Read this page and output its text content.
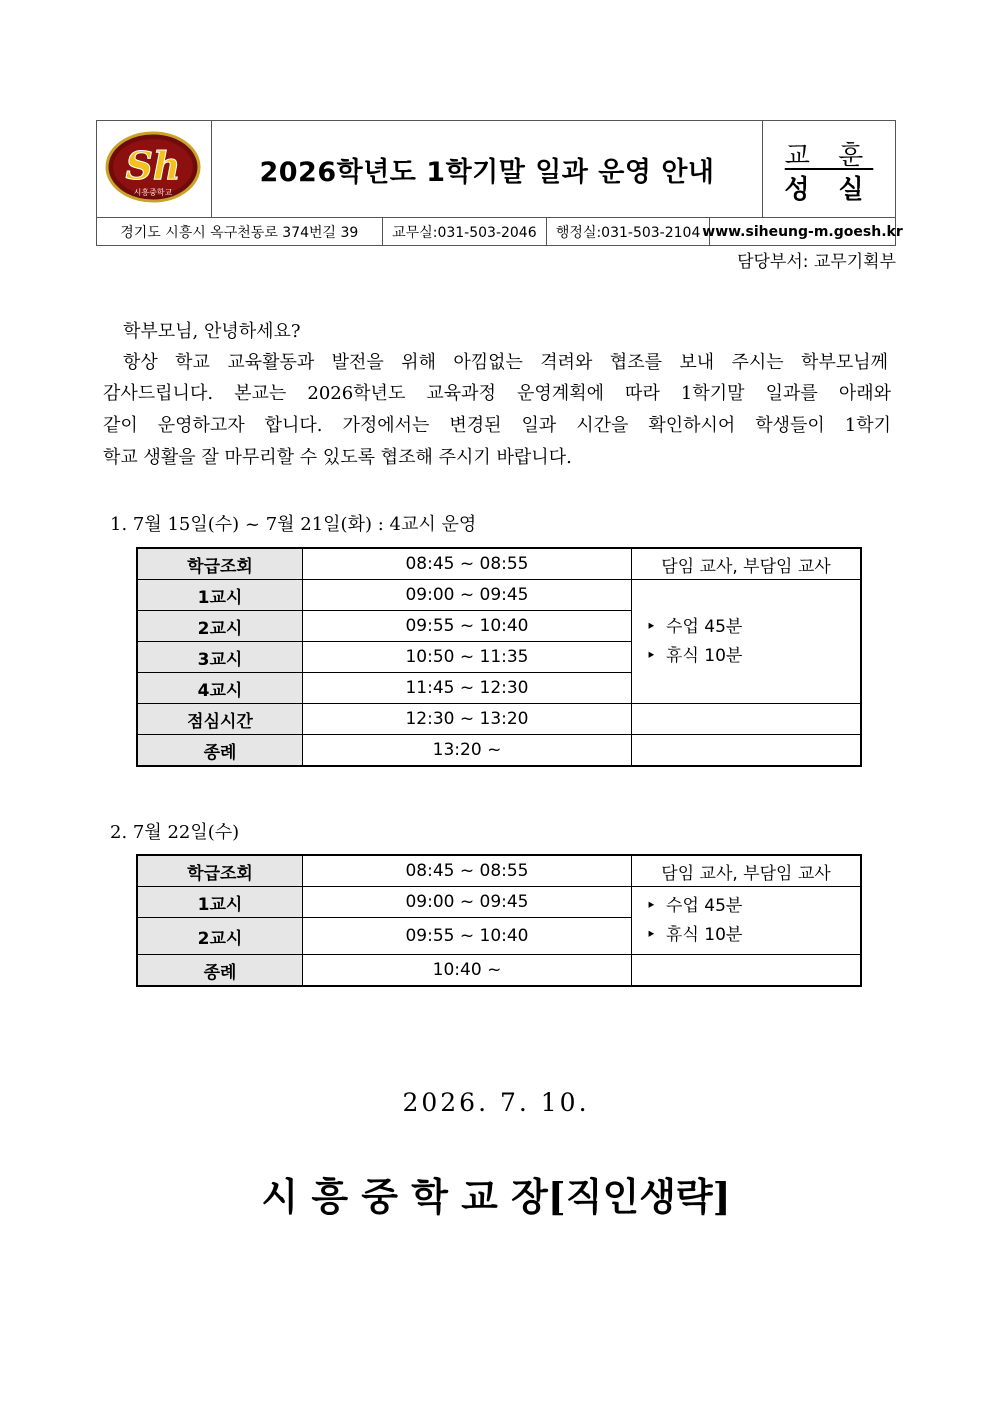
Sh
시흥중학교
2026학년도 1학기말 일과 운영 안내
교 훈
성 실
경기도 시흥시 옥구천동로 374번길 39	교무실:031-503-2046	행정실:031-503-2104 www.siheung-m.goesh.kr
담당부서: 교무기획부
학부모님, 안녕하세요?
항상 학교 교육활동과 발전을 위해 아낌없는 격려와 협조를 보내 주시는 학부모님께
감사드립니다. 본교는 2026학년도 교육과정 운영계획에 따라 1학기말 일과를 아래와
같이 운영하고자 합니다. 가정에서는 변경된 일과 시간을 확인하시어 학생들이 1학기
학교 생활을 잘 마무리할 수 있도록 협조해 주시기 바랍니다.
1. 7월 15일(수) ~ 7월 21일(화) : 4교시 운영
학급조회	08:45 ~ 08:55	담임 교사, 부담임 교사
1교시	09:00 ~ 09:45	‣ 수업 45분
‣ 휴식 10분

2교시	09:55 ~ 10:40	
3교시	10:50 ~ 11:35	
4교시	11:45 ~ 12:30	
점심시간	12:30 ~ 13:20	
종례	13:20 ~	
2. 7월 22일(수)
학급조회	08:45 ~ 08:55	담임 교사, 부담임 교사
1교시	09:00 ~ 09:45	‣ 수업 45분
‣ 휴식 10분

2교시	09:55 ~ 10:40	
종례	10:40 ~	
2026. 7. 10.
시 흥 중 학 교 장[직인생략]
